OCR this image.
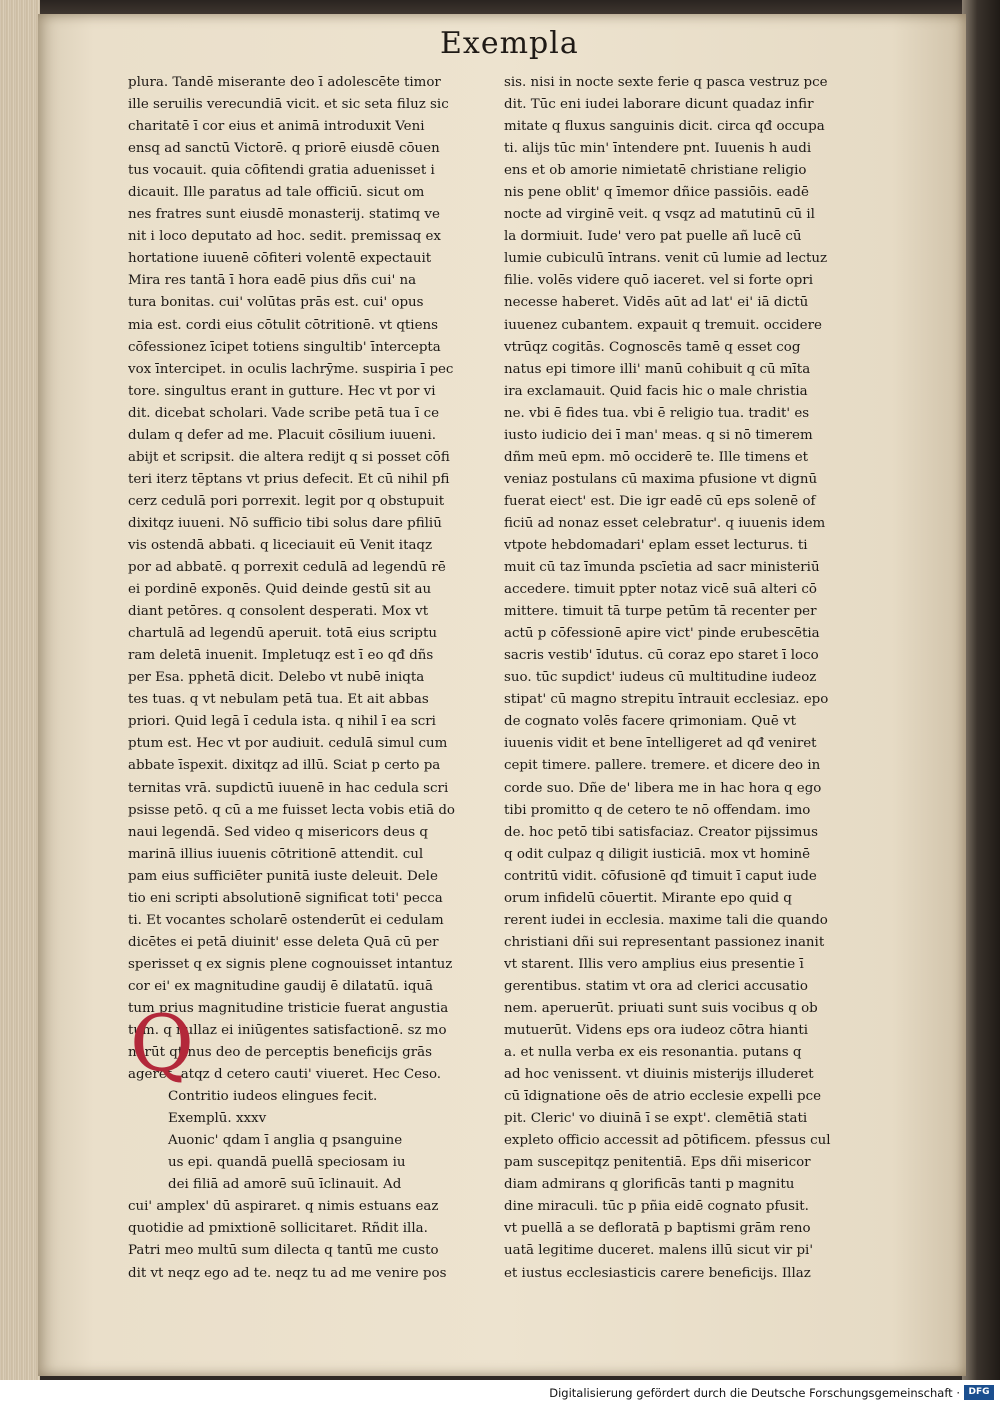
Exempla
plura. Tandē miserante deo ī adolescēte timor
ille seruilis verecundiā vicit. et sic seta filuz sic
charitatē ī cor eius et animā introduxit Veni
ensq ad sanctū Victorē. q priorē eiusdē cōuen
tus vocauit. quia cōfitendi gratia aduenisset i
dicauit. Ille paratus ad tale officiū. sicut om
nes fratres sunt eiusdē monasterij. statimq ve
nit i loco deputato ad hoc. sedit. premissaq ex
hortatione iuuenē cōfiteri volentē expectauit
Mira res tantā ī hora eadē pius dñs cui' na
tura bonitas. cui' volūtas prās est. cui' opus
mia est. cordi eius cōtulit cōtritionē. vt qtiens
cōfessionez īcipet totiens singultib' īntercepta
vox īntercipet. in oculis lachrȳme. suspiria ī pec
tore. singultus erant in gutture. Hec vt por vi
dit. dicebat scholari. Vade scribe petā tua ī ce
dulam q defer ad me. Placuit cōsilium iuueni.
abijt et scripsit. die altera redijt q si posset cōfi
teri iterz tēptans vt prius defecit. Et cū nihil pfi
cerz cedulā pori porrexit. legit por q obstupuit
dixitqz iuueni. Nō sufficio tibi solus dare pfiliū
vis ostendā abbati. q liceciauit eū Venit itaqz
por ad abbatē. q porrexit cedulā ad legendū rē
ei pordinē exponēs. Quid deinde gestū sit au
diant petōres. q consolent desperati. Mox vt
chartulā ad legendū aperuit. totā eius scriptu
ram deletā inuenit. Impletuqz est ī eo qđ dñs
per Esa. pphetā dicit. Delebo vt nubē iniqta
tes tuas. q vt nebulam petā tua. Et ait abbas
priori. Quid legā ī cedula ista. q nihil ī ea scri
ptum est. Hec vt por audiuit. cedulā simul cum
abbate īspexit. dixitqz ad illū. Sciat p certo pa
ternitas vrā. supdictū iuuenē in hac cedula scri
psisse petō. q cū a me fuisset lecta vobis etiā do
naui legendā. Sed video q misericors deus q
marinā illius iuuenis cōtritionē attendit. cul
pam eius sufficiēter punitā iuste deleuit. Dele
tio eni scripti absolutionē significat toti' pecca
ti. Et vocantes scholarē ostenderūt ei cedulam
dicētes ei petā diuinit' esse deleta Quā cū per
sperisset q ex signis plene cognouisset intantuz
cor ei' ex magnitudine gaudij ē dilatatū. iquā
tum prius magnitudine tristicie fuerat angustia
tum. q nullaz ei iniūgentes satisfactionē. sz mo
nerūt qtinus deo de perceptis beneficijs grās
ageret. atqz d cetero cauti' viueret. Hec Ceso.
Contritio iudeos elingues fecit.
Exemplū. xxxv
Auonic' qdam ī anglia q psanguine
us epi. quandā puellā speciosam iu
dei filiā ad amorē suū īclinauit. Ad
cui' amplex' dū aspiraret. q nimis estuans eaz
quotidie ad pmixtionē sollicitaret. Rñdit illa.
Patri meo multū sum dilecta q tantū me custo
dit vt neqz ego ad te. neqz tu ad me venire pos
sis. nisi in nocte sexte ferie q pasca vestruz pce
dit. Tūc eni iudei laborare dicunt quadaz infir
mitate q fluxus sanguinis dicit. circa qđ occupa
ti. alijs tūc min' īntendere pnt. Iuuenis h audi
ens et ob amorie nimietatē christiane religio
nis pene oblit' q īmemor dñice passiōis. eadē
nocte ad virginē veit. q vsqz ad matutinū cū il
la dormiuit. Iude' vero pat puelle añ lucē cū
lumie cubiculū īntrans. venit cū lumie ad lectuz
filie. volēs videre quō iaceret. vel si forte opri
necesse haberet. Vidēs aūt ad lat' ei' iā dictū
iuuenez cubantem. expauit q tremuit. occidere
vtrūqz cogitās. Cognoscēs tamē q esset cog
natus epi timore illi' manū cohibuit q cū mīta
ira exclamauit. Quid facis hic o male christia
ne. vbi ē fides tua. vbi ē religio tua. tradit' es
iusto iudicio dei ī man' meas. q si nō timerem
dñm meū epm. mō occiderē te. Ille timens et
veniaz postulans cū maxima pfusione vt dignū
fuerat eiect' est. Die igr eadē cū eps solenē of
ficiū ad nonaz esset celebratur'. q iuuenis idem
vtpote hebdomadari' eplam esset lecturus. ti
muit cū taz īmunda pscīetia ad sacr ministeriū
accedere. timuit ppter notaz vicē suā alteri cō
mittere. timuit tā turpe petūm tā recenter per
actū p cōfessionē apire vict' pinde erubescētia
sacris vestib' īdutus. cū coraz epo staret ī loco
suo. tūc supdict' iudeus cū multitudine iudeoz
stipat' cū magno strepitu īntrauit ecclesiaz. epo
de cognato volēs facere qrimoniam. Quē vt
iuuenis vidit et bene īntelligeret ad qđ veniret
cepit timere. pallere. tremere. et dicere deo in
corde suo. Dñe de' libera me in hac hora q ego
tibi promitto q de cetero te nō offendam. imo
de. hoc petō tibi satisfaciaz. Creator pijssimus
q odit culpaz q diligit iusticiā. mox vt hominē
contritū vidit. cōfusionē qđ timuit ī caput iude
orum infidelū cōuertit. Mirante epo quid q
rerent iudei in ecclesia. maxime tali die quando
christiani dñi sui representant passionez inanit
vt starent. Illis vero amplius eius presentie ī
gerentibus. statim vt ora ad clerici accusatio
nem. aperuerūt. priuati sunt suis vocibus q ob
mutuerūt. Videns eps ora iudeoz cōtra hianti
a. et nulla verba ex eis resonantia. putans q
ad hoc venissent. vt diuinis misterijs illuderet
cū īdignatione oēs de atrio ecclesie expelli pce
pit. Cleric' vo diuinā ī se expt'. clemētiā stati
expleto officio accessit ad pōtificem. pfessus cul
pam suscepitqz penitentiā. Eps dñi misericor
diam admirans q glorificās tanti p magnitu
dine miraculi. tūc p pñia eidē cognato pfusit.
vt puellā a se defloratā p baptismi grām reno
uatā legitime duceret. malens illū sicut vir pi'
et iustus ecclesiasticis carere beneficijs. Illaz
Q
Digitalisierung gefördert durch die Deutsche Forschungsgemeinschaft · DFG
